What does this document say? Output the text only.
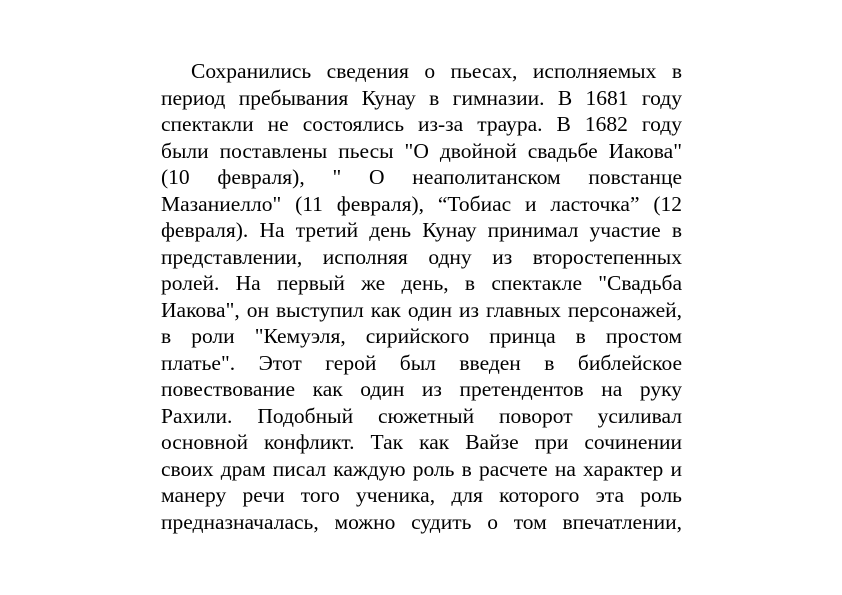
Сохранились сведения о пьесах, исполняемых в
период пребывания Кунау в гимназии. В 1681 году
спектакли не состоялись из-за траура. В 1682 году
были поставлены пьесы "О двойной свадьбе Иакова"
(10 февраля), " О неаполитанском повстанце
Мазаниелло" (11 февраля), “Тобиас и ласточка” (12
февраля). На третий день Кунау принимал участие в
представлении, исполняя одну из второстепенных
ролей. На первый же день, в спектакле "Свадьба
Иакова", он выступил как один из главных персонажей,
в роли "Кемуэля, сирийского принца в простом
платье". Этот герой был введен в библейское
повествование как один из претендентов на руку
Рахили. Подобный сюжетный поворот усиливал
основной конфликт. Так как Вайзе при сочинении
своих драм писал каждую роль в расчете на характер и
манеру речи того ученика, для которого эта роль
предназначалась, можно судить о том впечатлении,
